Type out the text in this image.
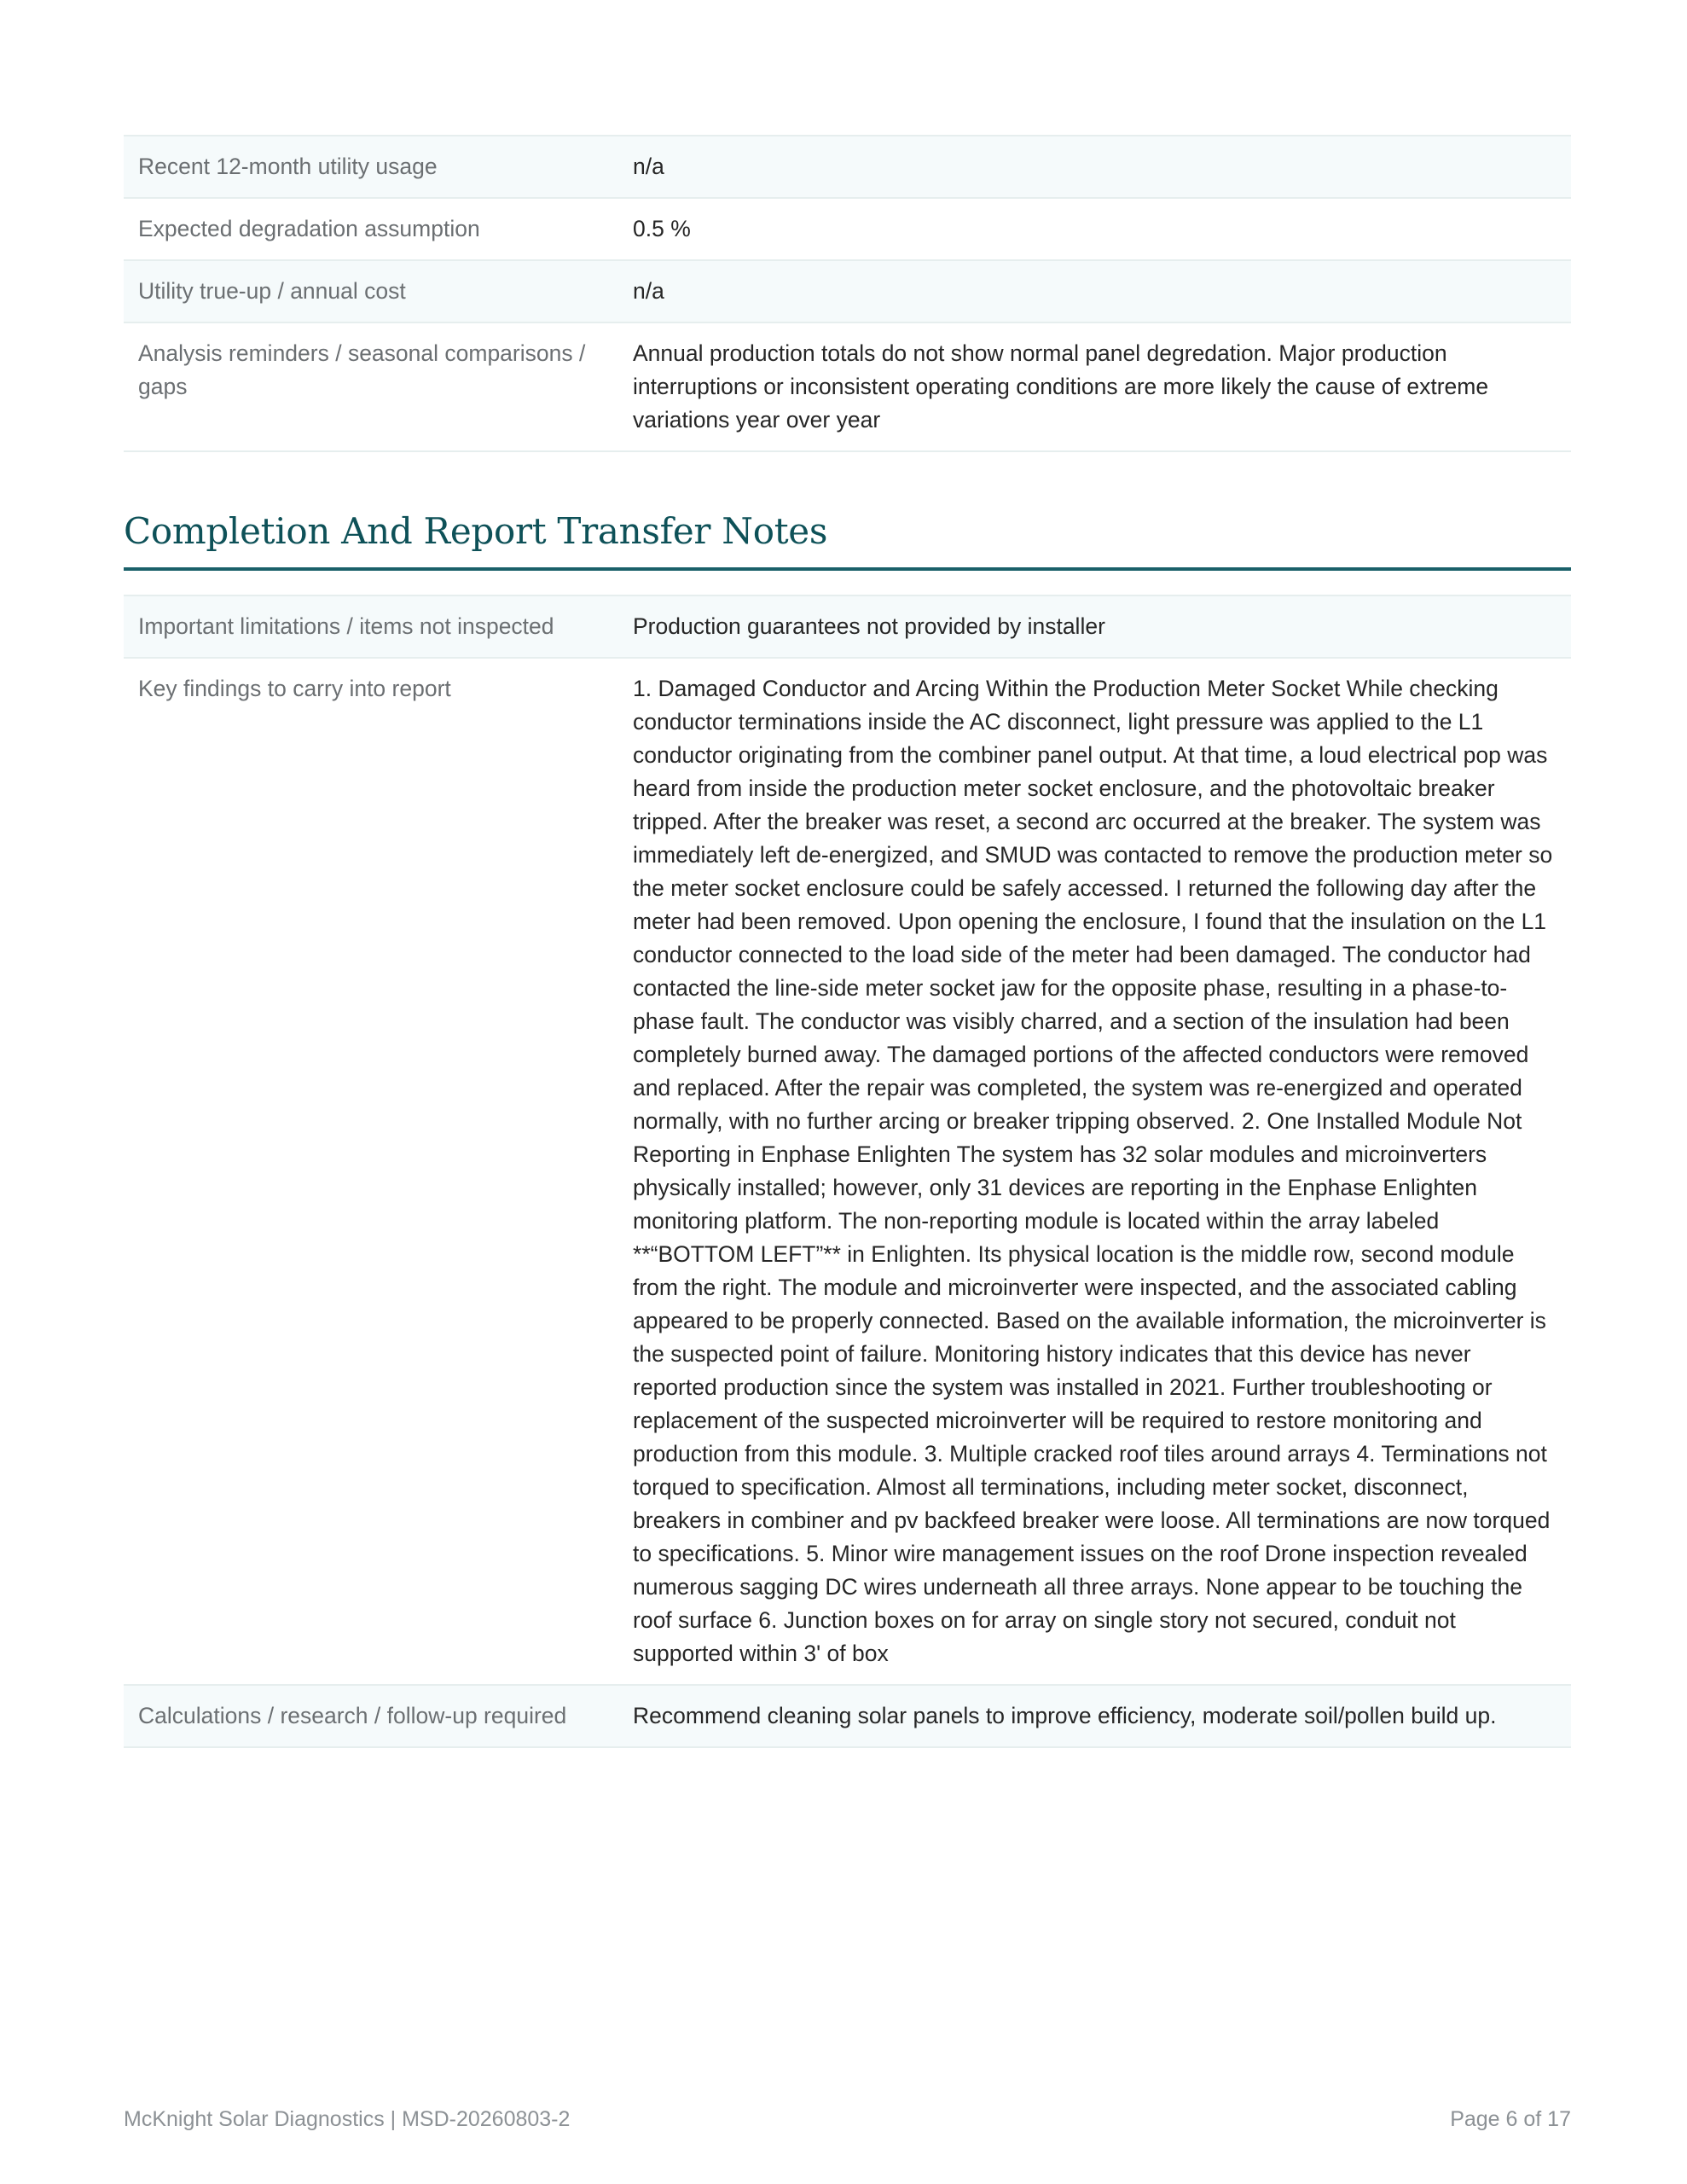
Recent 12-month utility usage	n/a
Expected degradation assumption	0.5 %
Utility true-up / annual cost	n/a
Analysis reminders / seasonal comparisons / gaps	Annual production totals do not show normal panel degredation. Major production interruptions or inconsistent operating conditions are more likely the cause of extreme variations year over year
Completion And Report Transfer Notes
Important limitations / items not inspected	Production guarantees not provided by installer
Key findings to carry into report	1. Damaged Conductor and Arcing Within the Production Meter Socket While checking conductor terminations inside the AC disconnect, light pressure was applied to the L1 conductor originating from the combiner panel output. At that time, a loud electrical pop was heard from inside the production meter socket enclosure, and the photovoltaic breaker tripped. After the breaker was reset, a second arc occurred at the breaker. The system was immediately left de-energized, and SMUD was contacted to remove the production meter so the meter socket enclosure could be safely accessed. I returned the following day after the meter had been removed. Upon opening the enclosure, I found that the insulation on the L1 conductor connected to the load side of the meter had been damaged. The conductor had contacted the line-side meter socket jaw for the opposite phase, resulting in a phase-to-phase fault. The conductor was visibly charred, and a section of the insulation had been completely burned away. The damaged portions of the affected conductors were removed and replaced. After the repair was completed, the system was re-energized and operated normally, with no further arcing or breaker tripping observed. 2. One Installed Module Not Reporting in Enphase Enlighten The system has 32 solar modules and microinverters physically installed; however, only 31 devices are reporting in the Enphase Enlighten monitoring platform. The non-reporting module is located within the array labeled **“BOTTOM LEFT”** in Enlighten. Its physical location is the middle row, second module from the right. The module and microinverter were inspected, and the associated cabling appeared to be properly connected. Based on the available information, the microinverter is the suspected point of failure. Monitoring history indicates that this device has never reported production since the system was installed in 2021. Further troubleshooting or replacement of the suspected microinverter will be required to restore monitoring and production from this module. 3. Multiple cracked roof tiles around arrays 4. Terminations not torqued to specification. Almost all terminations, including meter socket, disconnect, breakers in combiner and pv backfeed breaker were loose. All terminations are now torqued to specifications. 5. Minor wire management issues on the roof Drone inspection revealed numerous sagging DC wires underneath all three arrays. None appear to be touching the roof surface 6. Junction boxes on for array on single story not secured, conduit not supported within 3' of box
Calculations / research / follow-up required	Recommend cleaning solar panels to improve efficiency, moderate soil/pollen build up.
McKnight Solar Diagnostics | MSD-20260803-2	Page 6 of 17
